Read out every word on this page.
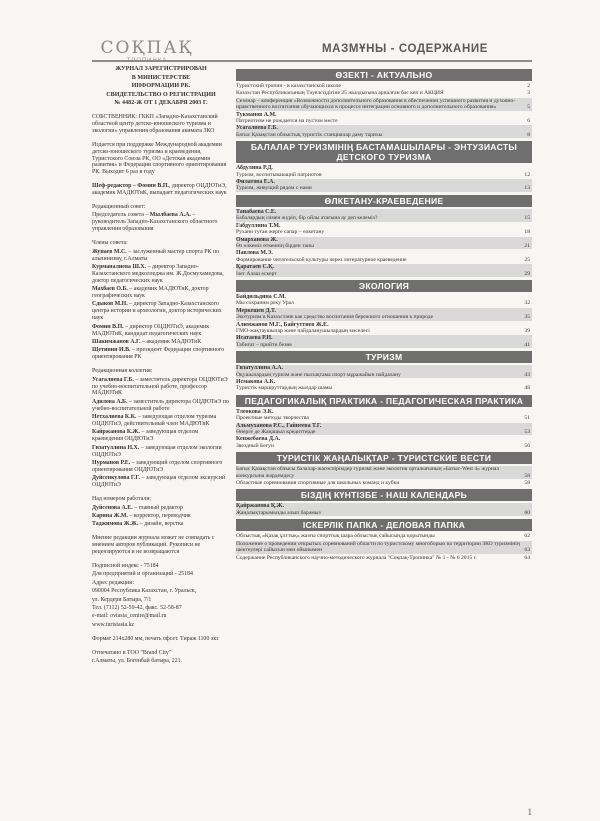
СОҚПАҚ	МАЗМҰНЫ - СОДЕРЖАНИЕ
ЖУРНАЛ ЗАРЕГИСТРИРОВАН
В МИНИСТЕРСТВЕ
ИНФОРМАЦИИ РК.
СВИДЕТЕЛЬСТВО О РЕГИСТРАЦИИ
№ 4482-Ж ОТ 1 ДЕКАБРЯ 2003 Г.
СОБСТВЕННИК: ГККП «Западно-Казахстанский областной центр детско-юношеского туризма и экологии» управления образования акимата ЗКО
Издается при поддержке Международной академии детско-юношеского туризма и краеведения, Туристского Союза РК, ОО «Детская академия развития» и Федерации спортивного ориентирования РК. Выходит 6 раз в году
Шеф-редактор – Фомин В.П., директор ОЦДЮТиЭ, академик МАДЮТиК, выпадает педагогических наук
Редакционный совет:
Председатель совета – Мылбаева А.А. – руководитель Западно-Казахстанского областного управления образования
Члены совета:
Жунаев М.С. – заслуженный мастер спорта РК по альпинизму, г.Алматы
Курманалиева Ш.Х. – директор Западно-Казахстанского медколледжа им. Ж.Досмухамедова, доктор педагогических наук
Махбаев О.Б. – академик МАДЮТиК, доктор географических наук
Сдыков М.Н. – директор Западно-Казахстанского центра истории и археологии, доктор исторических наук
Фомин В.П. – директор ОЦДЮТиЭ, академик МАДЮТиК, кандидат педагогических наук
Шакимжанов А.Г. – академик МАДЮТиК
Щетинин И.В. – президент Федерации спортивного ориентирования РК
Редакционная коллегия:
Усагалиева Г.Б. – заместитель директора ОЦДЮТиЭ по учебно-воспитательной работе, профессор МАДЮТиК
Адилова А.Б. – заместитель директора ОЦДЮТиЭ по учебно-воспитательной работе
Нетхалиева К.К. – заведующая отделом туризма ОЦДЮТиЭ, действительный член МАДЮТиК
Кайржанова К.Ж. – заведующая отделом краеведения ОЦДЮТиЭ
Гизатуллина Н.Х. – заведующая отделом экологии ОЦДЮТиЭ
Нурманов Р.Е. – заведующий отделом спортивного ориентирования ОЦДЮТиЭ
Дуйсенкулова Г.Г. – заведующая отделом экскурсий ОЦДЮТиЭ
Над номером работали:
Дуйсенова А.Е. – главный редактор
Карина Ж.М. – корректор, переводчик
Таджимова Ж.Ж. – дизайн, верстка
Мнение редакции журнала может не совпадать с мнением авторов публикаций. Рукописи не рецензируются и не возвращаются
Подписной индекс - 75184
Для предприятий и организаций - 25184
Адрес редакции:
090004 Республика Казахстан, г. Уральск,
ул. Кердери Батыра, 7/1
Тел. (7112) 52-59-42, факс. 52-58-87
e-mail: ovtasia_centre@mail.ru
www.turistasia.kz
Формат 214х280 мм, печать офсет. Тираж 1100 экз
Отпечатано в ТОО "Brand City"
г.Алматы, ул. Богенбай батыра, 221.
ӨЗЕКТІ - АКТУАЛЬНО
Туристский тропин - в казахстанской школе	2
Казахстан Республикасының Тәуелсіздігіне 25 жылдығына арналған бәс кеп и АКЦИЯ	3
Сезонар – конференция «Возможности дополнительного образования в обеспечении успешного развития и духовно-нравственного воспитания обучающихся в процессе интеграции основного и дополнительного образования»	5
Тукманов А.М.
Патриотизм не рождается на пустом месте	6
Усагалиева Г.Б.
Батыс Қазақстан облыстық туристік станциялар даму тарихы	8
БАЛАЛАР ТУРИЗМІНІҢ БАСТАМАШЫЛАРЫ - ЭНТУЗИАСТЫ ДЕТСКОГО ТУРИЗМА
Абдулина Р.Д.
Туризм, воспитывающий патриотов	12
Филатова Е.А.
Туризм, живущий рядом с нами	13
ӨЛКЕТАНУ-КРАЕВЕДЕНИЕ
Танабаева С.Е.
Бабалардың ізімен жүріп, бір ойлы атағына ау деп келеміз?	15
Габдуллина Т.М.
Рухани туған жерге сапар – өлкетану	18
Омарханова Ж.
Өз өлкеміз өткеннің бірден таны	21
Павлова М.Э.
Формирование читательской культуры через литературное краеведение	25
Қаратаев С.Қ.
Ізет Алаш ескерт	29
ЭКОЛОГИЯ
Байдильдина С.М.
Мы сохраним реку Урал	32
Меркешев Д.Т.
Экотуризм в Казахстане как средство воспитания бережного отношения к природе	35
Алимжанов М.Г., Байгуттиев Ж.Е.
ГМО-жақтаушылар және пайдаланушылардың мәселесі	39
Исатаева Р.Н.
Табиғат – прийти безне	41
ТУРИЗМ
Гизатуллина А.А.
Оқушылардың туризм және пысықтама спорт мұражайын пайдалану	43
Исмакова А.К.
Туристік маршруттардың жылдар шамы	48
ПЕДАГОГИКАЛЫҚ ПРАКТИКА - ПЕДАГОГИЧЕСКАЯ ПРАКТИКА
Тлеокова Э.К.
Проектные методы творчества	51
Альмуханова Р.С., Гайнеева Т.Г.
Өнерге де Жаңашыл кредиттерде	53
Кенжебаева Д.А.
Звездный Бегун	56
ТУРИСТІК ЖАҢАЛЫҚТАР - ТУРИСТСКИЕ ВЕСТИ
Батыс Қазақстан облысы балалар-жасөспірімдер туризмі және экология орталығының «Батыс-West 4» журнал конкурсына жәрдемдесу	58
Областные соревнования спортивные для школьных команд и кубки	58
БІЗДІҢ КҮНТІЗБЕ - НАШ КАЛЕНДАРЬ
Қайржанова Қ.Ж.
Жаңалықтарымызды алып барамыз	60
ІСКЕРЛІК ПАПКА - ДЕЛОВАЯ ПАПКА
Облыстық «Қазақ ұлттық» жазғы спорттық шара облыстық сайысында қорытынды	62
Положение о проведении открытых соревнований области по туристскому многоборью на территории ЗКО туризмінің шектеулері сайысын мен ойынымен	63
Содержание Республиканского научно-методического журнала "Соқпақ-Тропинка" № 1 - № 6 2015 г.	64
1
